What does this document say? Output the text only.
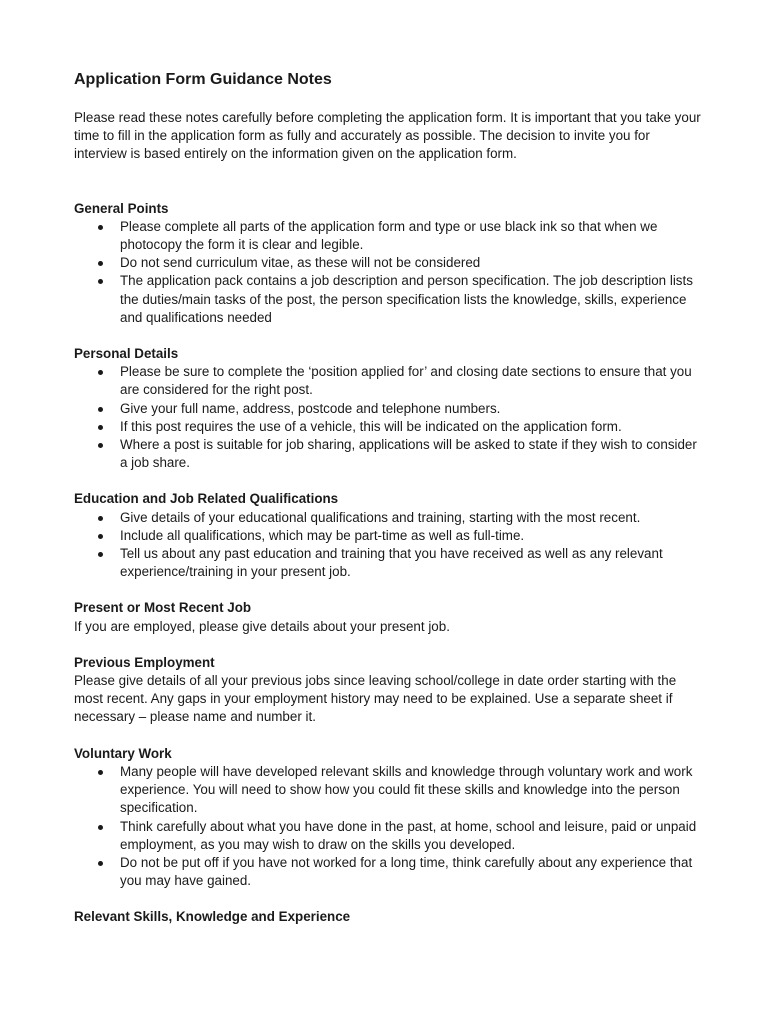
Application Form Guidance Notes

Please read these notes carefully before completing the application form. It is important that you take your time to fill in the application form as fully and accurately as possible. The decision to invite you for interview is based entirely on the information given on the application form.

General Points
Please complete all parts of the application form and type or use black ink so that when we photocopy the form it is clear and legible.
Do not send curriculum vitae, as these will not be considered
The application pack contains a job description and person specification. The job description lists the duties/main tasks of the post, the person specification lists the knowledge, skills, experience and qualifications needed
Personal Details
Please be sure to complete the ‘position applied for’ and closing date sections to ensure that you are considered for the right post.
Give your full name, address, postcode and telephone numbers.
If this post requires the use of a vehicle, this will be indicated on the application form.
Where a post is suitable for job sharing, applications will be asked to state if they wish to consider a job share.
Education and Job Related Qualifications
Give details of your educational qualifications and training, starting with the most recent.
Include all qualifications, which may be part-time as well as full-time.
Tell us about any past education and training that you have received as well as any relevant experience/training in your present job.
Present or Most Recent Job

If you are employed, please give details about your present job.

Previous Employment

Please give details of all your previous jobs since leaving school/college in date order starting with the most recent. Any gaps in your employment history may need to be explained. Use a separate sheet if necessary – please name and number it.

Voluntary Work
Many people will have developed relevant skills and knowledge through voluntary work and work experience. You will need to show how you could fit these skills and knowledge into the person specification.
Think carefully about what you have done in the past, at home, school and leisure, paid or unpaid employment, as you may wish to draw on the skills you developed.
Do not be put off if you have not worked for a long time, think carefully about any experience that you may have gained.
Relevant Skills, Knowledge and Experience
